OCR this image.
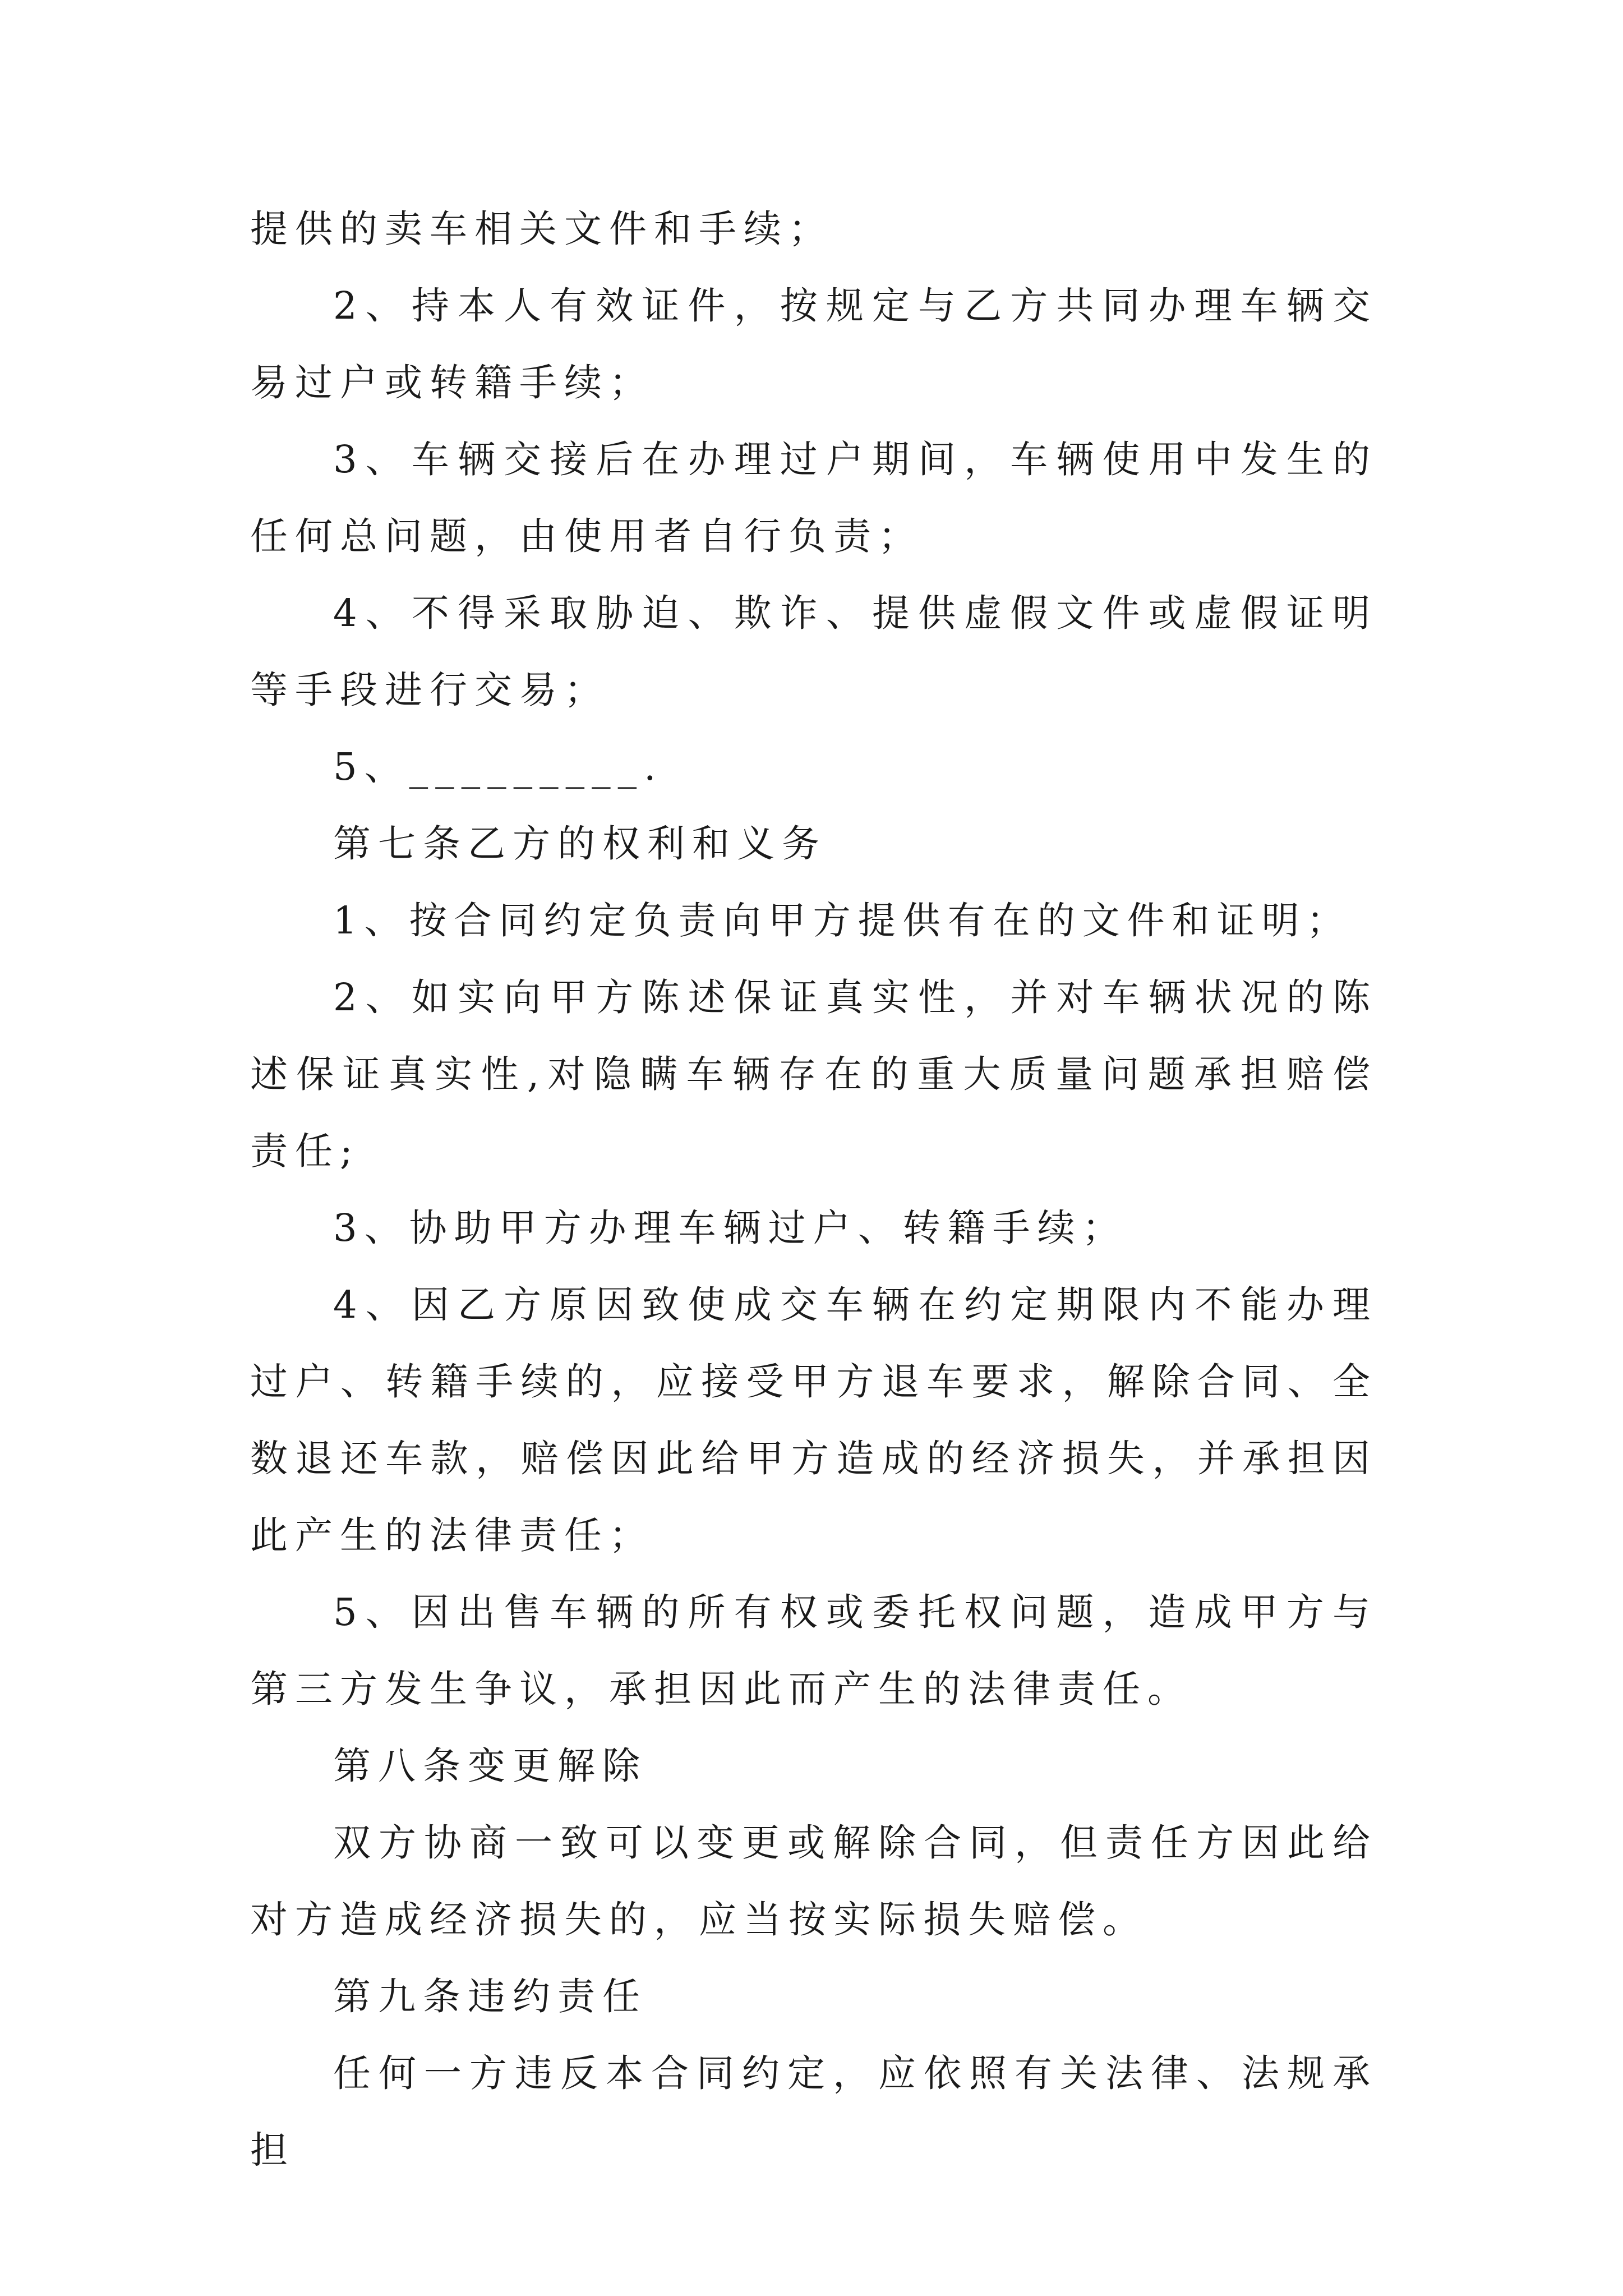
提供的卖车相关文件和手续；

2、持本人有效证件，按规定与乙方共同办理车辆交易过户或转籍手续；

3、车辆交接后在办理过户期间，车辆使用中发生的任何总问题，由使用者自行负责；

4、不得采取胁迫、欺诈、提供虚假文件或虚假证明等手段进行交易；

5、_________.

第七条乙方的权利和义务

1、按合同约定负责向甲方提供有在的文件和证明；

2、如实向甲方陈述保证真实性，并对车辆状况的陈述保证真实性,对隐瞒车辆存在的重大质量问题承担赔偿责任;

3、协助甲方办理车辆过户、转籍手续；

4、因乙方原因致使成交车辆在约定期限内不能办理过户、转籍手续的，应接受甲方退车要求，解除合同、全数退还车款，赔偿因此给甲方造成的经济损失，并承担因此产生的法律责任；

5、因出售车辆的所有权或委托权问题，造成甲方与第三方发生争议，承担因此而产生的法律责任。

第八条变更解除

双方协商一致可以变更或解除合同，但责任方因此给对方造成经济损失的，应当按实际损失赔偿。

第九条违约责任

任何一方违反本合同约定，应依照有关法律、法规承担
